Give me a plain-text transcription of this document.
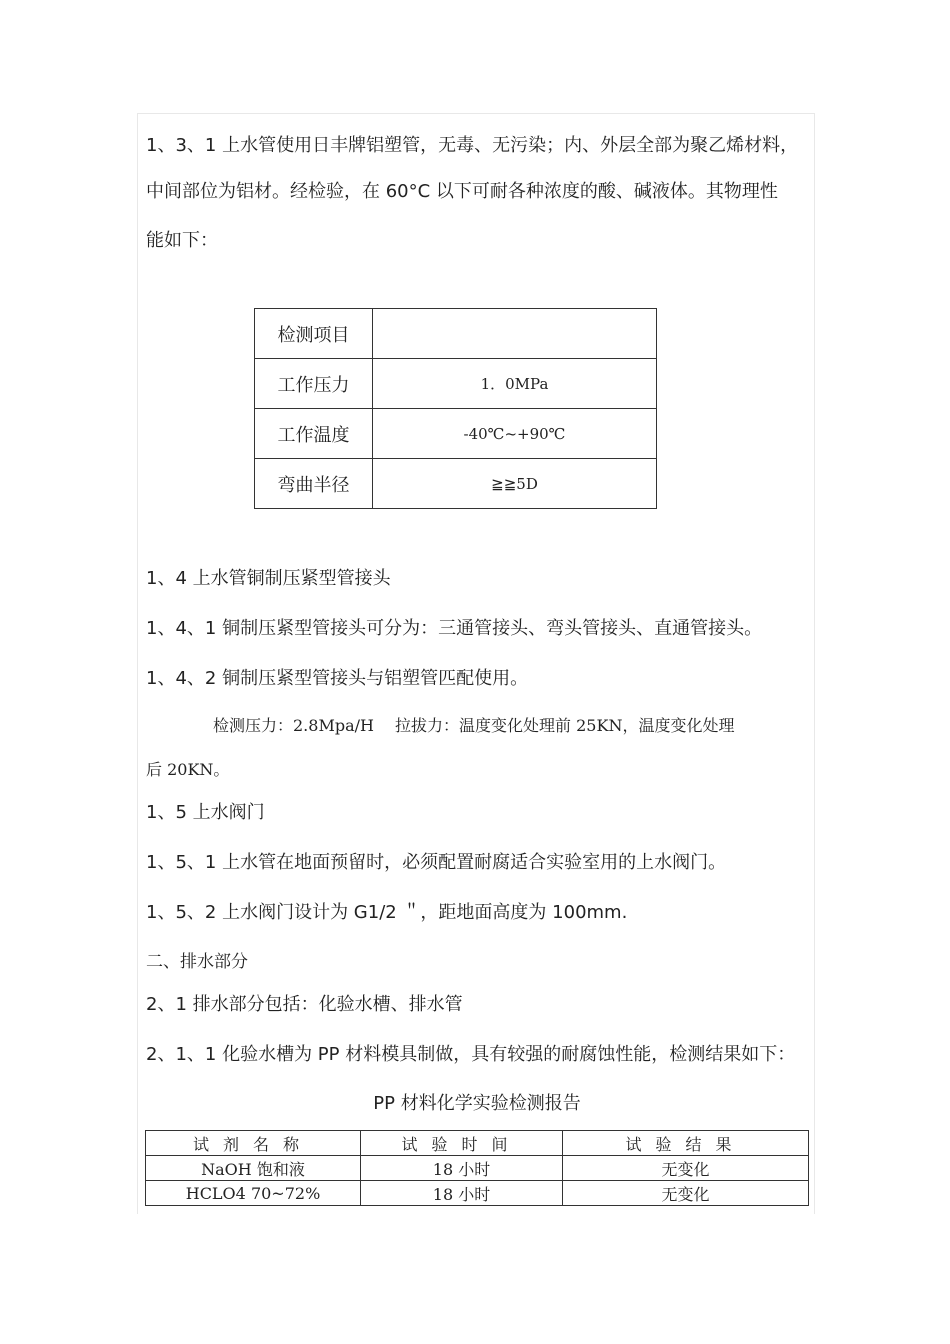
1、3、1 上水管使用日丰牌铝塑管，无毒、无污染；内、外层全部为聚乙烯材料，
中间部位为铝材。经检验，在 60°C 以下可耐各种浓度的酸、碱液体。其物理性
能如下：
检测项目	
工作压力	1．0MPa
工作温度	-40℃~+90℃
弯曲半径	≧≧5D
1、4 上水管铜制压紧型管接头
1、4、1 铜制压紧型管接头可分为：三通管接头、弯头管接头、直通管接头。
1、4、2 铜制压紧型管接头与铝塑管匹配使用。
检测压力：2.8Mpa/H　 拉拔力：温度变化处理前 25KN，温度变化处理
后 20KN。
1、5 上水阀门
1、5、1 上水管在地面预留时，必须配置耐腐适合实验室用的上水阀门。
1、5、2 上水阀门设计为 G1/2 ＂，距地面高度为 100mm.
二、排水部分
2、1 排水部分包括：化验水槽、排水管
2、1、1 化验水槽为 PP 材料模具制做，具有较强的耐腐蚀性能，检测结果如下：
PP 材料化学实验检测报告
试剂名称	试验时间	试验结果
NaOH 饱和液	18 小时	无变化
HCLO4 70~72%	18 小时	无变化
